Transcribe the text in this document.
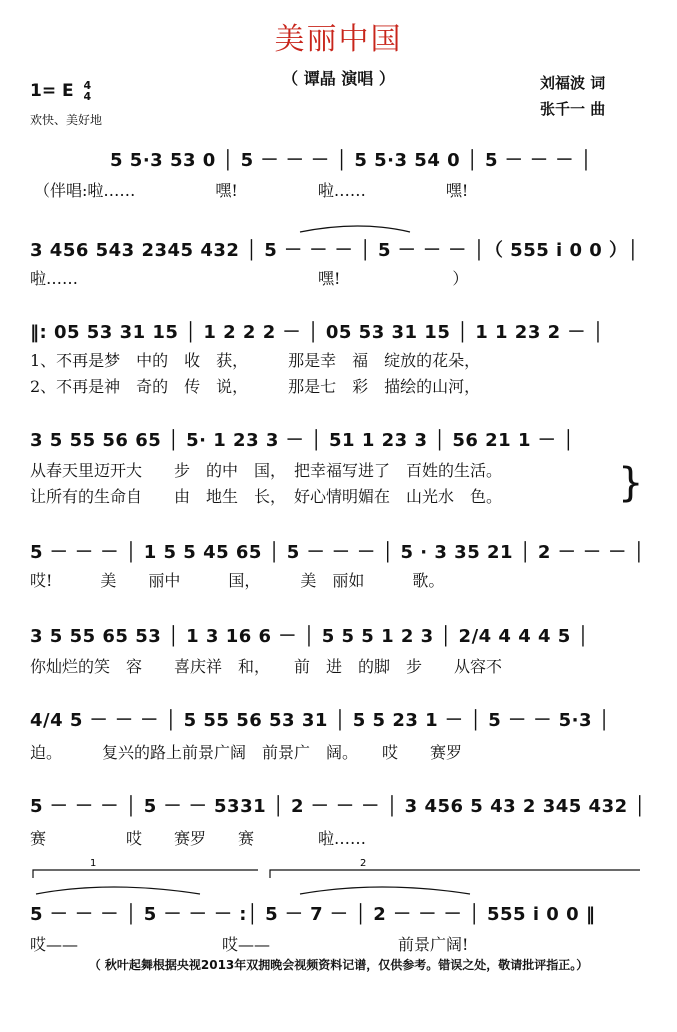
美丽中国
（ 谭晶 演唱 ）
1= E 4
4
欢快、美好地
刘福波 词
张千一 曲
5 5·3 53 0 │ 5 － － － │ 5 5·3 54 0 │ 5 － － － │
（伴唱:啦……　　　　　嘿!　　　　　啦……　　　　　嘿!
3 456 543 2345 432 │ 5 － － － │ 5 － － － │（ 555 i 0 0 ）│
啦……　　　　　　　　　　　　　　　嘿!　　　　　　　）
‖: 05 53 31 15 │ 1 2 2 2 － │ 05 53 31 15 │ 1 1 23 2 － │
1、不再是梦　中的　收　获，　　　那是幸　福　绽放的花朵，
2、不再是神　奇的　传　说，　　　那是七　彩　描绘的山河，
3 5 55 56 65 │ 5· 1 23 3 － │ 51 1 23 3 │ 56 21 1 － │
从春天里迈开大　　步　的中　国，　把幸福写进了　百姓的生活。
让所有的生命自　　由　地生　长，　好心情明媚在　山光水　色。	}
5 － － － │ 1 5 5 45 65 │ 5 － － － │ 5 · 3 35 21 │ 2 － － － │
哎!　　　美　　丽中　　　国，　　　美　丽如　　　歌。
3 5 55 65 53 │ 1 3 16 6 － │ 5 5 5 1 2 3 │ 2/4 4 4 4 5 │
你灿烂的笑　容　　喜庆祥　和，　　前　进　的脚　步　　从容不
4/4 5 － － － │ 5 55 56 53 31 │ 5 5 23 1 － │ 5 － － 5·3 │
迫。　　　复兴的路上前景广阔　前景广　阔。　　哎　　赛罗
5 － － － │ 5 － － 5331 │ 2 － － － │ 3 456 5 43 2 345 432 │
赛　　　　　哎　　赛罗　　赛　　　　啦……
5 － － － │ 5 － － － :│ 5 － 7 － │ 2 － － － │ 555 i 0 0 ‖
哎——　　　　　　　　　哎——　　　　　　　　前景广阔!
1	2
（ 秋叶起舞根据央视2013年双拥晚会视频资料记谱，仅供参考。错误之处，敬请批评指正。）
